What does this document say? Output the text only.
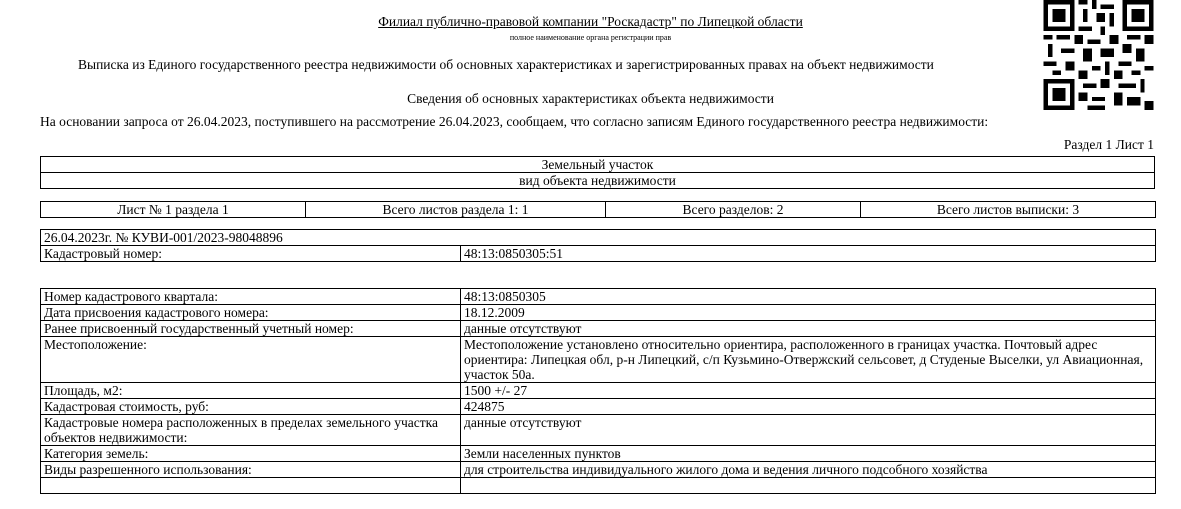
Филиал публично-правовой компании "Роскадастр" по Липецкой области
полное наименование органа регистрации прав
Выписка из Единого государственного реестра недвижимости об основных характеристиках и зарегистрированных правах на объект недвижимости
Сведения об основных характеристиках объекта недвижимости
На основании запроса от 26.04.2023, поступившего на рассмотрение 26.04.2023, сообщаем, что согласно записям Единого государственного реестра недвижимости:
Раздел 1 Лист 1
Земельный участок
вид объекта недвижимости
Лист № 1 раздела 1	Всего листов раздела 1: 1	Всего разделов: 2	Всего листов выписки: 3
26.04.2023г. № КУВИ-001/2023-98048896
Кадастровый номер:	48:13:0850305:51
Номер кадастрового квартала:	48:13:0850305
Дата присвоения кадастрового номера:	18.12.2009
Ранее присвоенный государственный учетный номер:	данные отсутствуют
Местоположение:	Местоположение установлено относительно ориентира, расположенного в границах участка. Почтовый адрес ориентира: Липецкая обл, р-н Липецкий, с/п Кузьмино-Отвержский сельсовет, д Студеные Выселки, ул Авиационная, участок 50а.
Площадь, м2:	1500 +/- 27
Кадастровая стоимость, руб:	424875
Кадастровые номера расположенных в пределах земельного участка объектов недвижимости:	данные отсутствуют
Категория земель:	Земли населенных пунктов
Виды разрешенного использования:	для строительства индивидуального жилого дома и ведения личного подсобного хозяйства
